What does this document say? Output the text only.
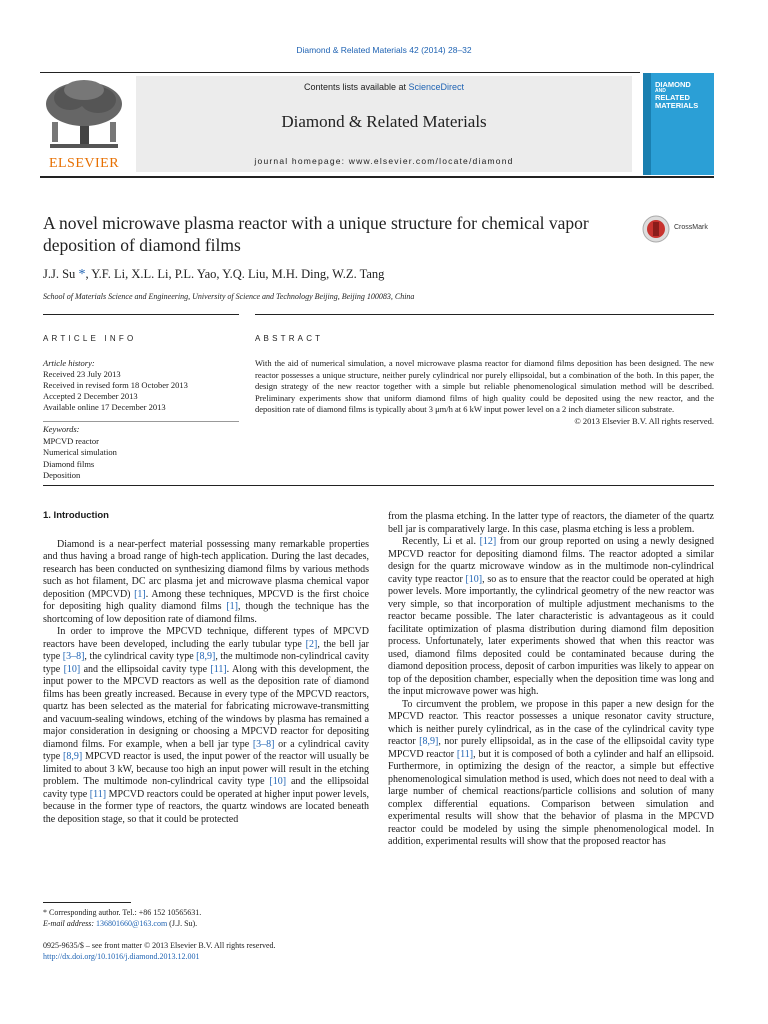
Diamond & Related Materials 42 (2014) 28–32
ELSEVIER
Contents lists available at ScienceDirect
Diamond & Related Materials
journal homepage: www.elsevier.com/locate/diamond
DIAMOND
AND
RELATED
MATERIALS
A novel microwave plasma reactor with a unique structure for chemical vapor deposition of diamond films
CrossMark
J.J. Su *, Y.F. Li, X.L. Li, P.L. Yao, Y.Q. Liu, M.H. Ding, W.Z. Tang
School of Materials Science and Engineering, University of Science and Technology Beijing, Beijing 100083, China
ARTICLE INFO	ABSTRACT
Article history:
Received 23 July 2013
Received in revised form 18 October 2013
Accepted 2 December 2013
Available online 17 December 2013
Keywords:
MPCVD reactor
Numerical simulation
Diamond films
Deposition
With the aid of numerical simulation, a novel microwave plasma reactor for diamond films deposition has been designed. The new reactor possesses a unique structure, neither purely cylindrical nor purely ellipsoidal, but a combination of the both. In this paper, the design strategy of the new reactor together with a simple but reliable phenomenological simulation method will be described. Preliminary experiments show that uniform diamond films of high quality could be deposited using the new reactor, and the deposition rate of diamond films is typically about 3 μm/h at 6 kW input power level on a 2 inch diameter silicon substrate.
© 2013 Elsevier B.V. All rights reserved.
1. Introduction

Diamond is a near-perfect material possessing many remarkable properties and thus having a broad range of high-tech application. During the last decades, research has been conducted on synthesizing diamond films by various methods such as hot filament, DC arc plasma jet and microwave plasma chemical vapor deposition (MPCVD) [1]. Among these techniques, MPCVD is the first choice for depositing high quality diamond films [1], though the technique has the shortcoming of low deposition rate of diamond films.

In order to improve the MPCVD technique, different types of MPCVD reactors have been developed, including the early tubular type [2], the bell jar type [3–8], the cylindrical cavity type [8,9], the multimode non-cylindrical cavity type [10] and the ellipsoidal cavity type [11]. Along with this development, the input power to the MPCVD reactors as well as the deposition rate of diamond films has been greatly increased. Because in every type of the MPCVD reactors, quartz has been selected as the material for fabricating microwave-transmitting and vacuum-sealing windows, etching of the windows by plasma has remained a major consideration in designing or choosing a MPCVD reactor for depositing diamond films. For example, when a bell jar type [3–8] or a cylindrical cavity type [8,9] MPCVD reactor is used, the input power of the reactor will usually be limited to about 3 kW, because too high an input power will result in the etching problem. The multimode non-cylindrical cavity type [10] and the ellipsoidal cavity type [11] MPCVD reactors could be operated at higher input power levels, because in the former type of reactors, the quartz windows are located beneath the deposition stage, so that it could be protected

from the plasma etching. In the latter type of reactors, the diameter of the quartz bell jar is comparatively large. In this case, plasma etching is less a problem.

Recently, Li et al. [12] from our group reported on using a newly designed MPCVD reactor for depositing diamond films. The reactor adopted a similar design for the quartz microwave window as in the multimode non-cylindrical cavity type reactor [10], so as to ensure that the reactor could be operated at high power levels. More importantly, the cylindrical geometry of the new reactor was very simple, so that incorporation of multiple adjustment mechanisms to the reactor became possible. The later characteristic is advantageous as it could facilitate optimization of plasma distribution during diamond film deposition process. Unfortunately, later experiments showed that when this reactor was used, diamond films deposited could be contaminated because during the diamond deposition process, deposit of carbon impurities was likely to appear on top of the deposition chamber, especially when the deposition time was long and the input microwave power was high.

To circumvent the problem, we propose in this paper a new design for the MPCVD reactor. This reactor possesses a unique resonator cavity structure, which is neither purely cylindrical, as in the case of the cylindrical cavity type reactor [8,9], nor purely ellipsoidal, as in the case of the ellipsoidal cavity type MPCVD reactor [11], but it is composed of both a cylinder and half an ellipsoid. Furthermore, in optimizing the design of the reactor, a simple but effective phenomenological simulation method is used, which does not need to deal with a large number of chemical reactions/particle collisions and solution of many complex differential equations. Comparison between simulation and experimental results will show that the behavior of plasma in the MPCVD reactor could be modeled by using the simple phenomenological model. In addition, experimental results will show that the proposed reactor has

* Corresponding author. Tel.: +86 152 10565631.
E-mail address: 136801660@163.com (J.J. Su).
0925-9635/$ – see front matter © 2013 Elsevier B.V. All rights reserved.
http://dx.doi.org/10.1016/j.diamond.2013.12.001
